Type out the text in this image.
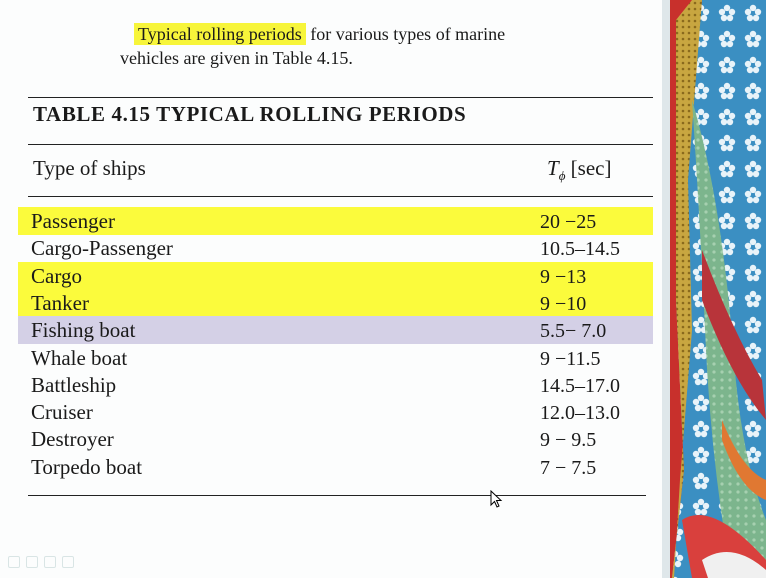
Typical rolling periods for various types of marine
vehicles are given in Table 4.15.
TABLE 4.15 TYPICAL ROLLING PERIODS
Type of ships	$T_\phi$ [sec]
Passenger	20 −25
Cargo-Passenger	10.5–14.5
Cargo	9 −13
Tanker	9 −10
Fishing boat	5.5− 7.0
Whale boat	9 −11.5
Battleship	14.5–17.0
Cruiser	12.0–13.0
Destroyer	9 − 9.5
Torpedo boat	7 − 7.5
